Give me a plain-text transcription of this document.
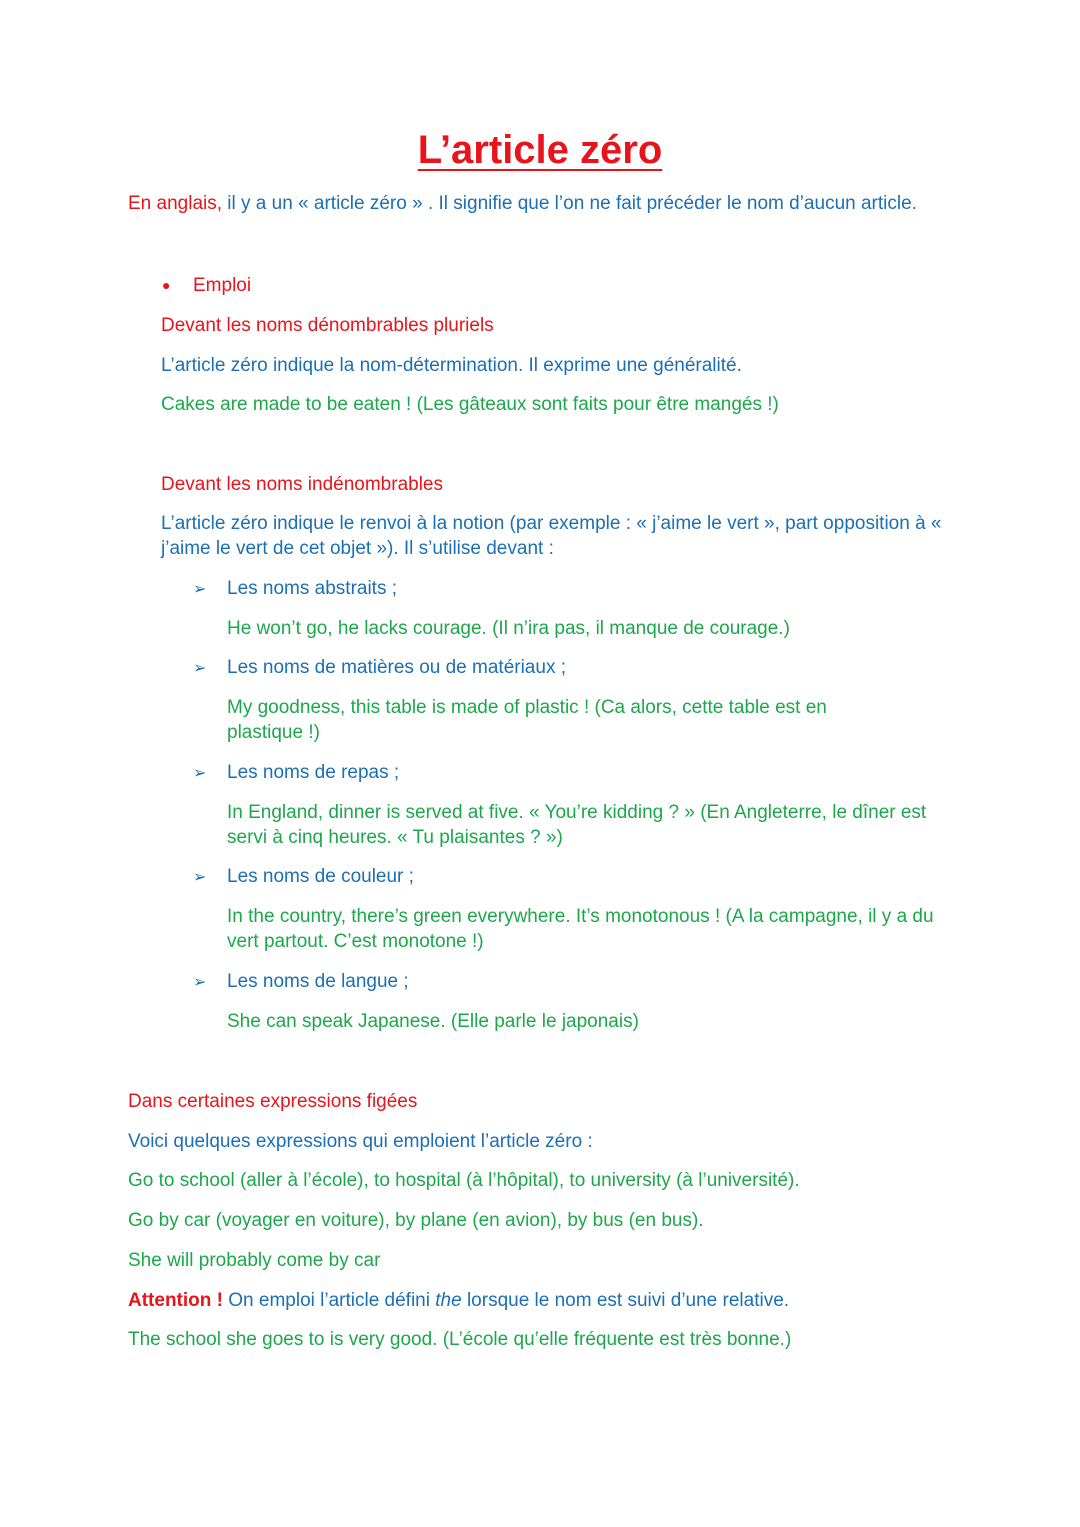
L’article zéro

En anglais, il y a un « article zéro » . Il signifie que l’on ne fait précéder le nom d’aucun article.

● Emploi

Devant les noms dénombrables pluriels

L’article zéro indique la nom-détermination. Il exprime une généralité.

Cakes are made to be eaten ! (Les gâteaux sont faits pour être mangés !)

Devant les noms indénombrables

L’article zéro indique le renvoi à la notion (par exemple : « j’aime le vert », part opposition à « j’aime le vert de cet objet »). Il s’utilise devant :

➢ Les noms abstraits ;

He won’t go, he lacks courage. (Il n’ira pas, il manque de courage.)

➢ Les noms de matières ou de matériaux ;

My goodness, this table is made of plastic ! (Ca alors, cette table est en plastique !)

➢ Les noms de repas ;

In England, dinner is served at five. « You’re kidding ? » (En Angleterre, le dîner est servi à cinq heures. « Tu plaisantes ? »)

➢ Les noms de couleur ;

In the country, there’s green everywhere. It’s monotonous ! (A la campagne, il y a du vert partout. C’est monotone !)

➢ Les noms de langue ;

She can speak Japanese. (Elle parle le japonais)

Dans certaines expressions figées

Voici quelques expressions qui emploient l’article zéro :

Go to school (aller à l’école), to hospital (à l’hôpital), to university (à l’université).

Go by car (voyager en voiture), by plane (en avion), by bus (en bus).

She will probably come by car

Attention ! On emploi l’article défini the lorsque le nom est suivi d’une relative.

The school she goes to is very good. (L’école qu’elle fréquente est très bonne.)
